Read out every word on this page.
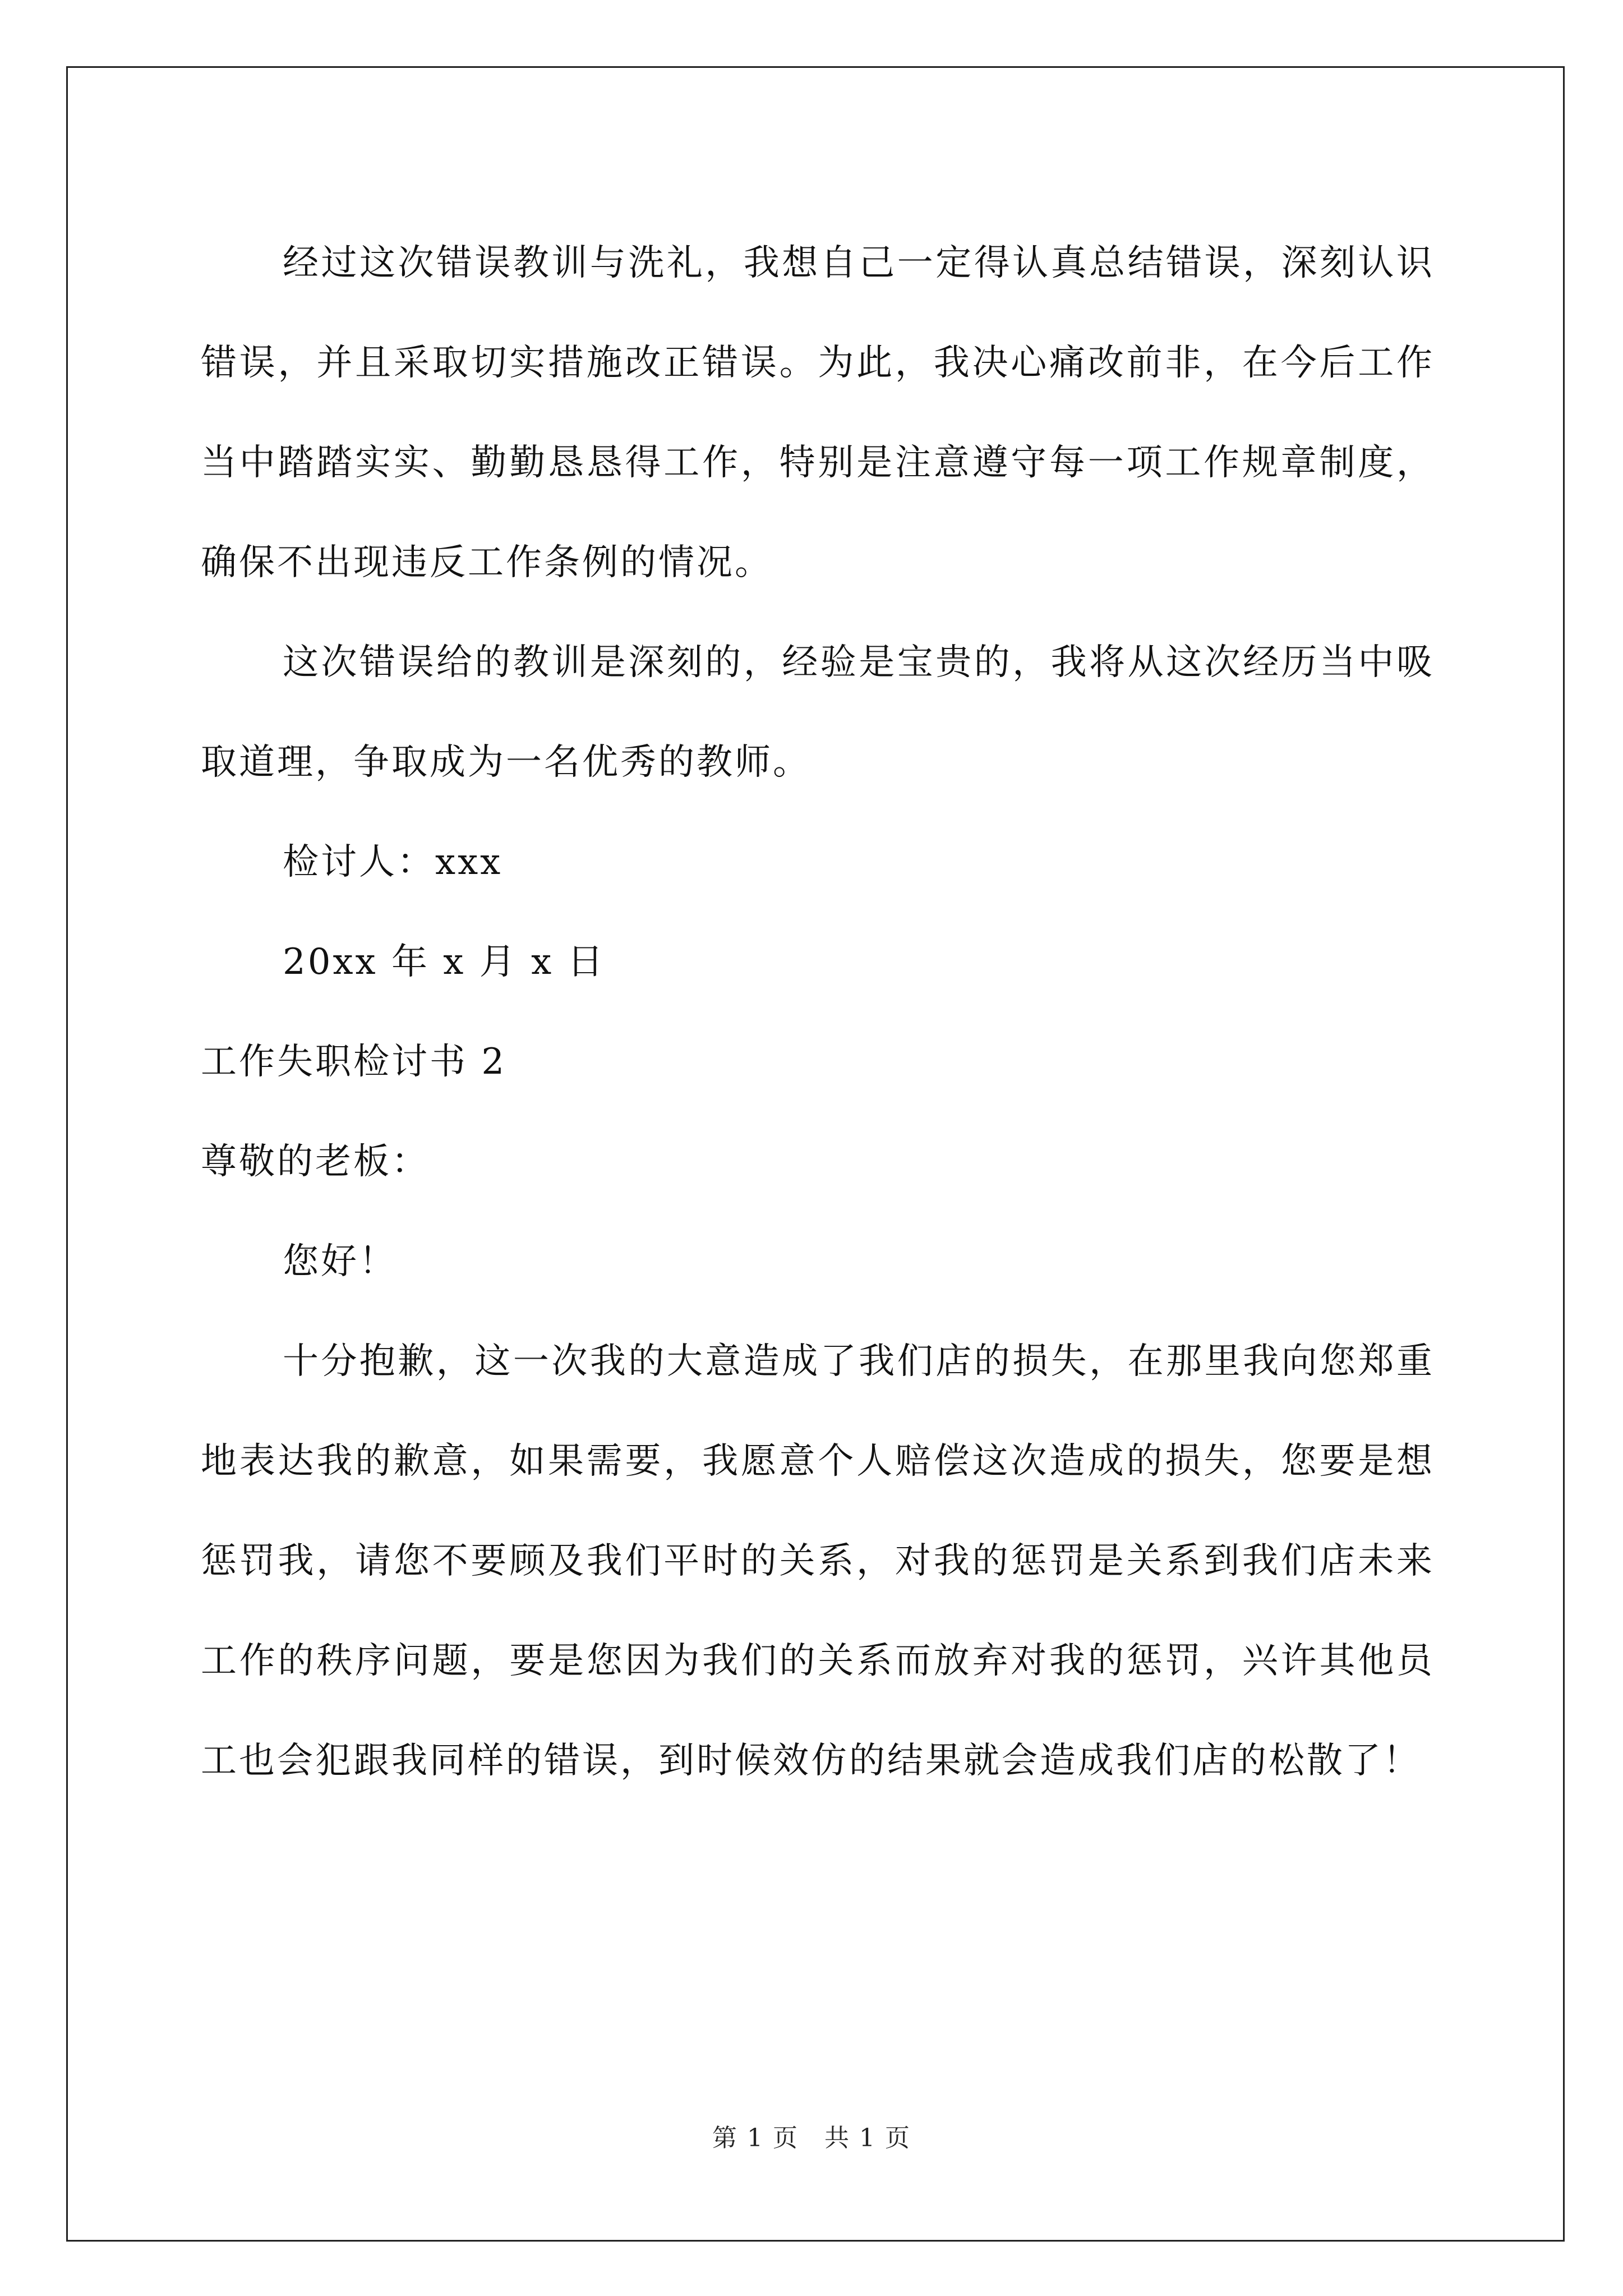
经过这次错误教训与洗礼，我想自己一定得认真总结错误，深刻认识错误，并且采取切实措施改正错误。为此，我决心痛改前非，在今后工作当中踏踏实实、勤勤恳恳得工作，特别是注意遵守每一项工作规章制度，确保不出现违反工作条例的情况。

这次错误给的教训是深刻的，经验是宝贵的，我将从这次经历当中吸取道理，争取成为一名优秀的教师。

检讨人：xxx

20xx 年 x 月 x 日

工作失职检讨书 2

尊敬的老板：

您好！

十分抱歉，这一次我的大意造成了我们店的损失，在那里我向您郑重地表达我的歉意，如果需要，我愿意个人赔偿这次造成的损失，您要是想惩罚我，请您不要顾及我们平时的关系，对我的惩罚是关系到我们店未来工作的秩序问题，要是您因为我们的关系而放弃对我的惩罚，兴许其他员工也会犯跟我同样的错误，到时候效仿的结果就会造成我们店的松散了！

第 1 页　共 1 页
